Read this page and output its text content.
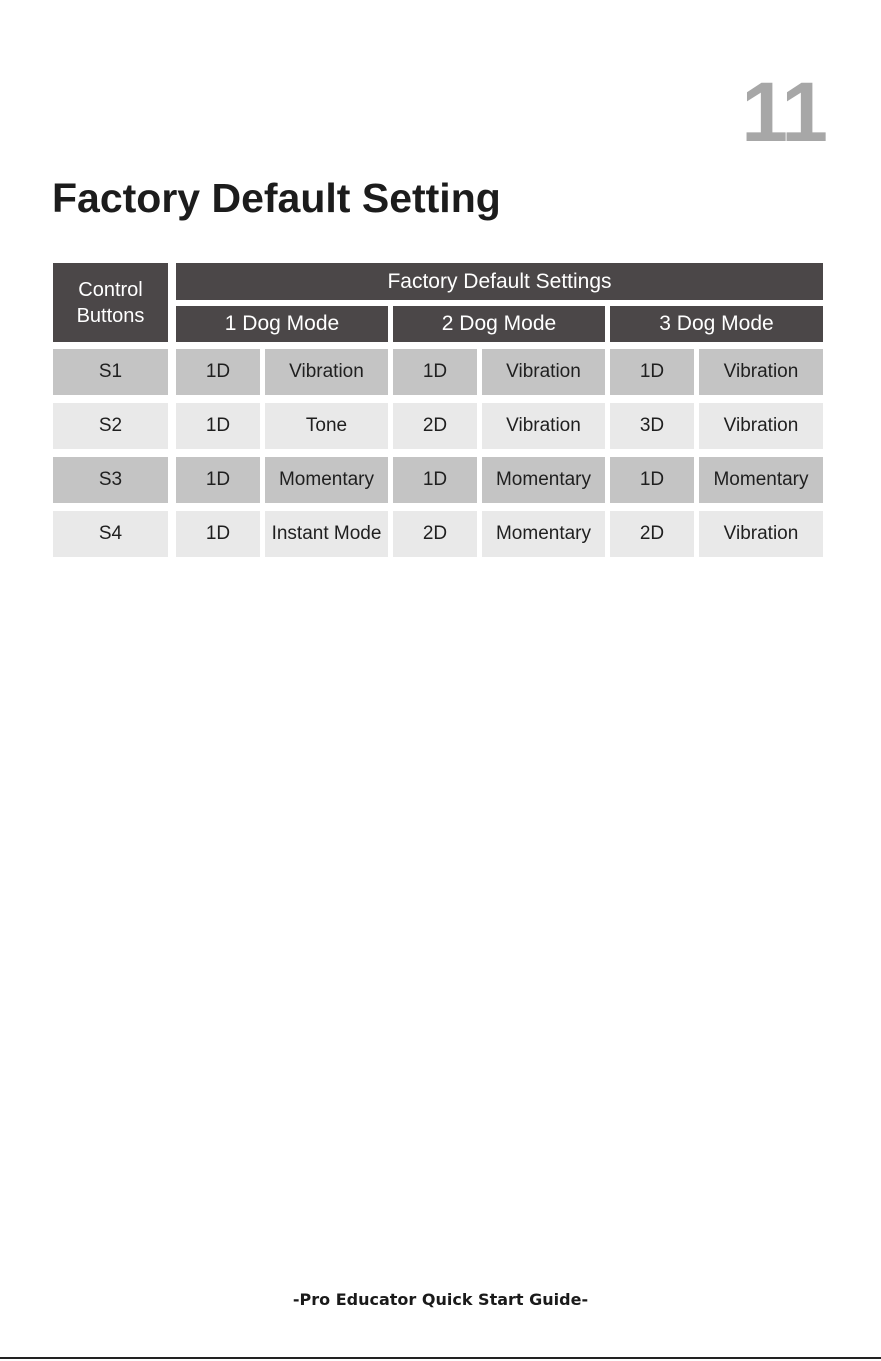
11
Factory Default Setting
Control
Buttons
Factory Default Settings
1 Dog Mode	2 Dog Mode	3 Dog Mode
S1	1D	Vibration	1D	Vibration	1D	Vibration
S2	1D	Tone	2D	Vibration	3D	Vibration
S3	1D	Momentary	1D	Momentary	1D	Momentary
S4	1D	Instant Mode	2D	Momentary	2D	Vibration
-Pro Educator Quick Start Guide-
